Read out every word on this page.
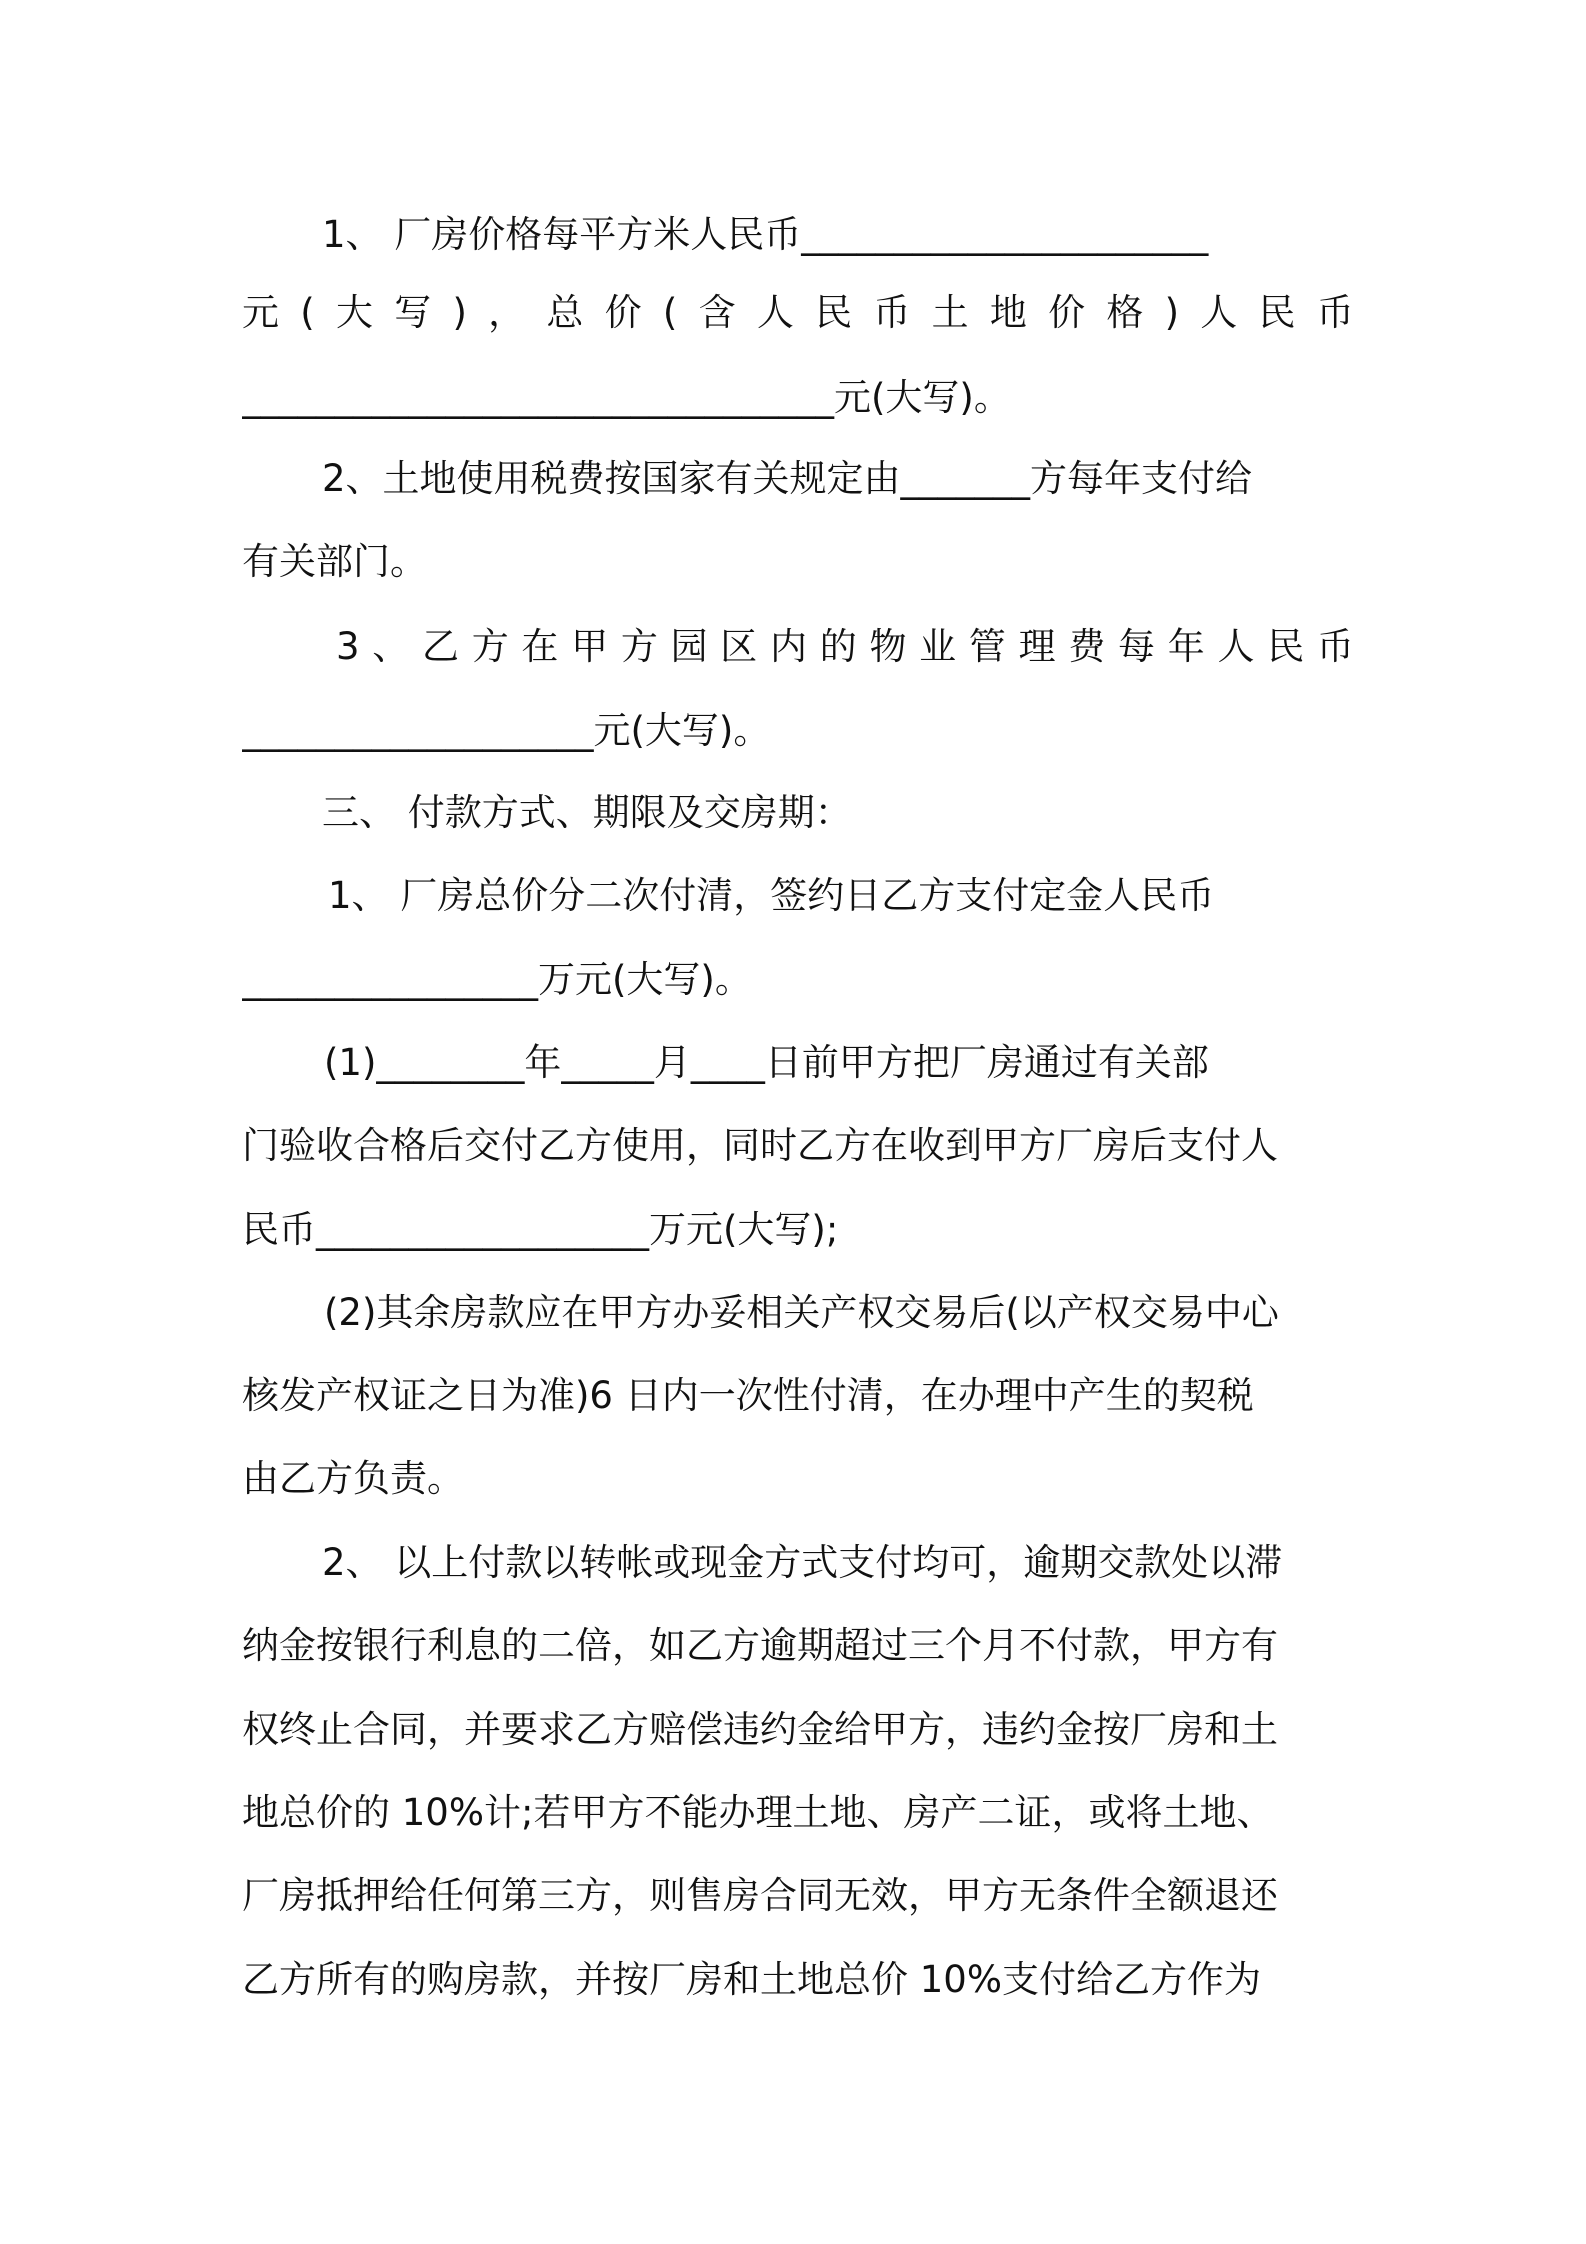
1、 厂房价格每平方米人民币______________________
元 ( 大 写 ) ， 总 价 ( 含 人 民 币 土 地 价 格 ) 人 民 币
________________________________元(大写)。
2、土地使用税费按国家有关规定由_______方每年支付给
有关部门。
3 、 乙 方 在 甲 方 园 区 内 的 物 业 管 理 费 每 年 人 民 币
___________________元(大写)。
三、 付款方式、期限及交房期：
1、 厂房总价分二次付清，签约日乙方支付定金人民币
________________万元(大写)。
(1)________年_____月____日前甲方把厂房通过有关部
门验收合格后交付乙方使用，同时乙方在收到甲方厂房后支付人
民币__________________万元(大写);
(2)其余房款应在甲方办妥相关产权交易后(以产权交易中心
核发产权证之日为准)6 日内一次性付清，在办理中产生的契税
由乙方负责。
2、 以上付款以转帐或现金方式支付均可，逾期交款处以滞
纳金按银行利息的二倍，如乙方逾期超过三个月不付款，甲方有
权终止合同，并要求乙方赔偿违约金给甲方，违约金按厂房和土
地总价的 10%计;若甲方不能办理土地、房产二证，或将土地、
厂房抵押给任何第三方，则售房合同无效，甲方无条件全额退还
乙方所有的购房款，并按厂房和土地总价 10%支付给乙方作为
